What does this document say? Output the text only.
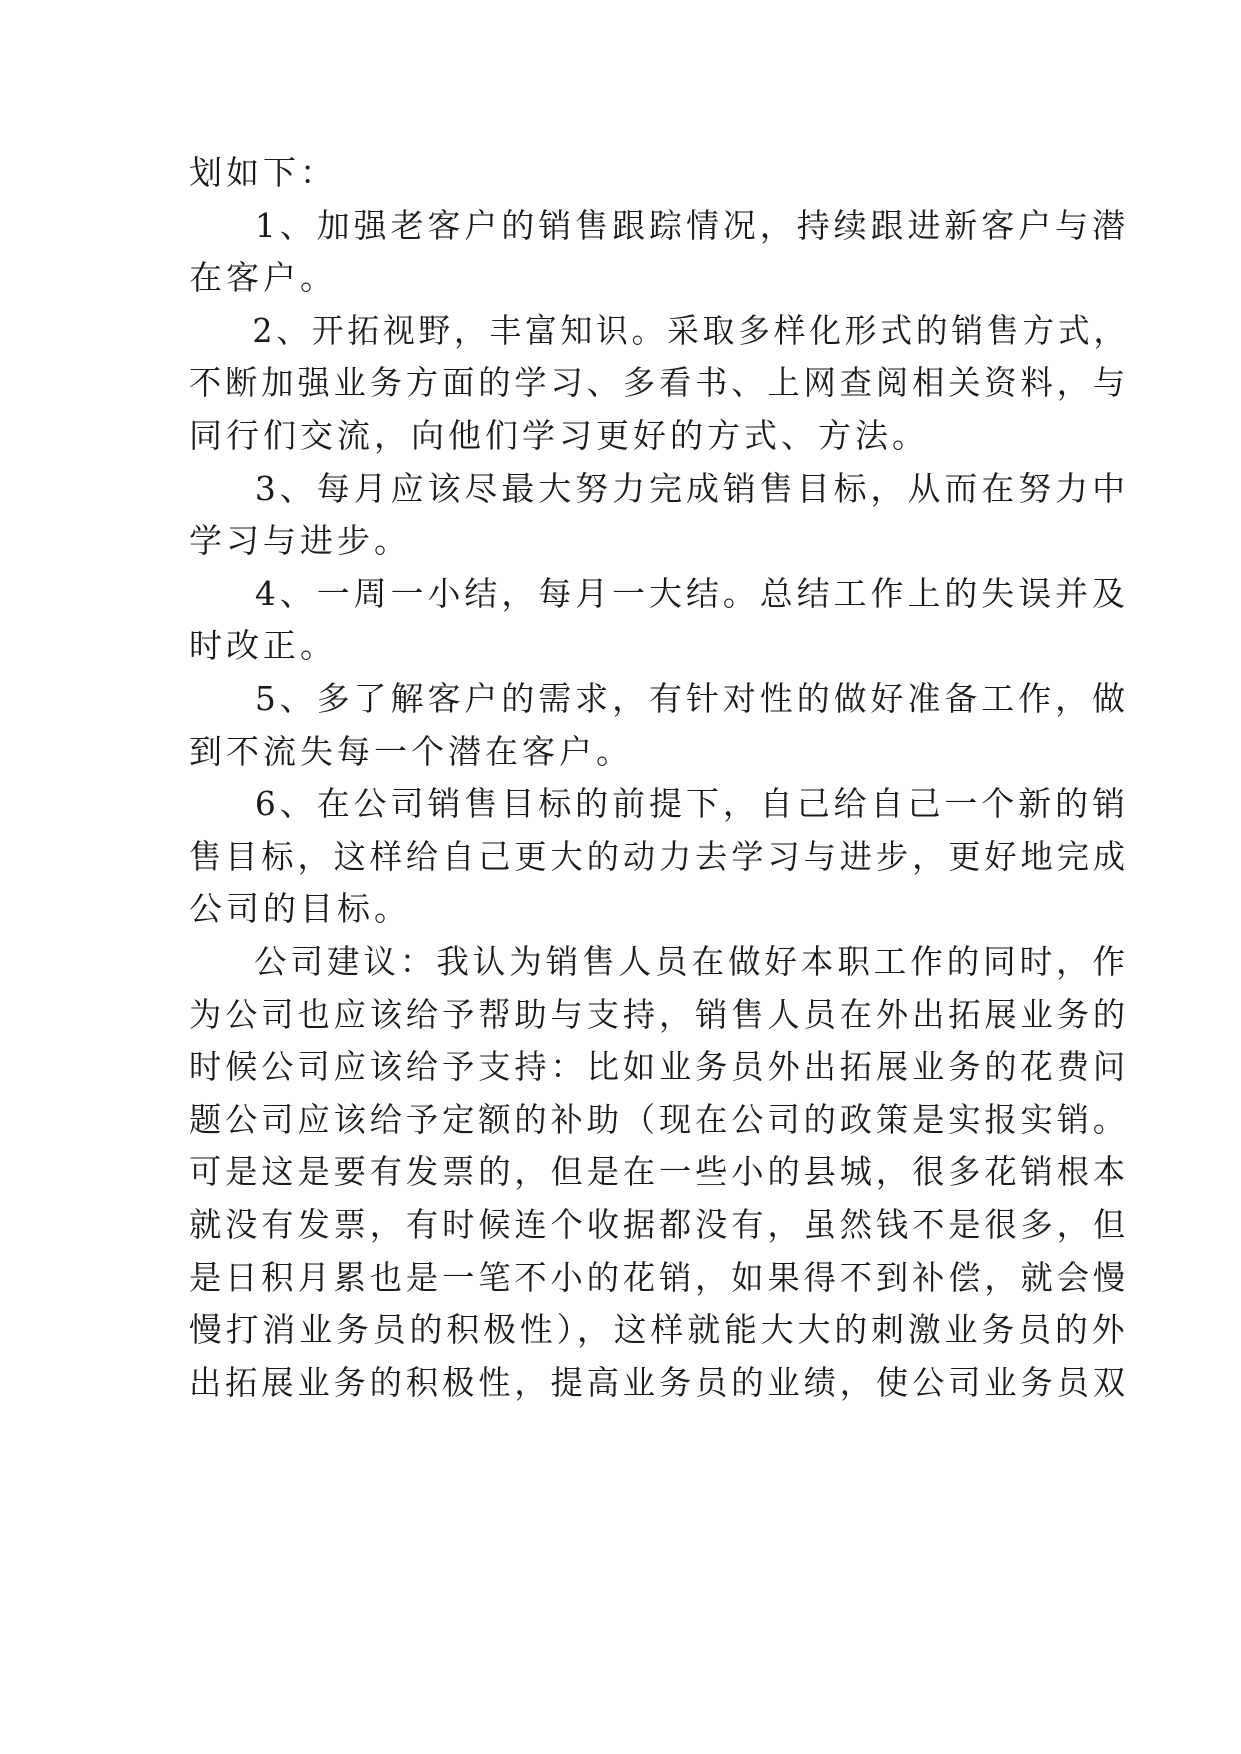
划如下：
1、加强老客户的销售跟踪情况，持续跟进新客户与潜
在客户。
2、开拓视野，丰富知识。采取多样化形式的销售方式，
不断加强业务方面的学习、多看书、上网查阅相关资料，与
同行们交流，向他们学习更好的方式、方法。
3、每月应该尽最大努力完成销售目标，从而在努力中
学习与进步。
4、一周一小结，每月一大结。总结工作上的失误并及
时改正。
5、多了解客户的需求，有针对性的做好准备工作，做
到不流失每一个潜在客户。
6、在公司销售目标的前提下，自己给自己一个新的销
售目标，这样给自己更大的动力去学习与进步，更好地完成
公司的目标。
公司建议：我认为销售人员在做好本职工作的同时，作
为公司也应该给予帮助与支持，销售人员在外出拓展业务的
时候公司应该给予支持：比如业务员外出拓展业务的花费问
题公司应该给予定额的补助（现在公司的政策是实报实销。
可是这是要有发票的，但是在一些小的县城，很多花销根本
就没有发票，有时候连个收据都没有，虽然钱不是很多，但
是日积月累也是一笔不小的花销，如果得不到补偿，就会慢
慢打消业务员的积极性），这样就能大大的刺激业务员的外
出拓展业务的积极性，提高业务员的业绩，使公司业务员双
